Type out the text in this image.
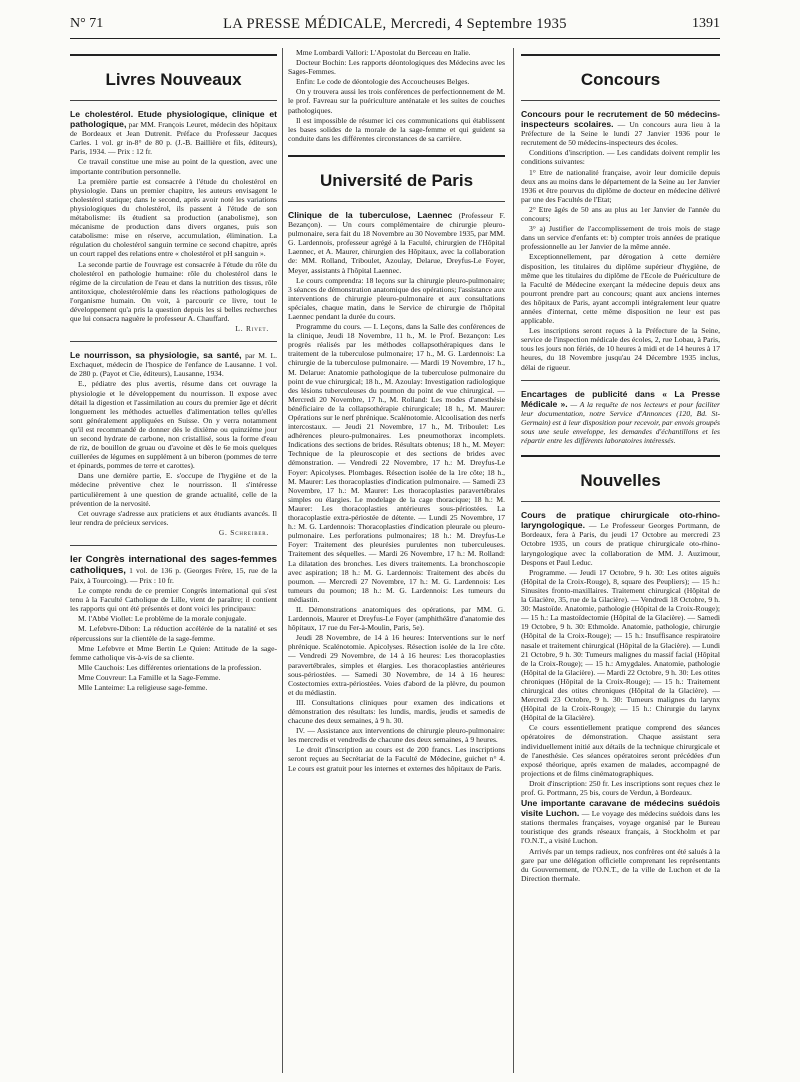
N° 71	LA PRESSE MÉDICALE, Mercredi, 4 Septembre 1935	1391
Livres Nouveaux

Le cholestérol. Etude physiologique, clinique et pathologique, par MM. François Leuret, médecin des hôpitaux de Bordeaux et Jean Dutrenit. Préface du Professeur Jacques Carles. 1 vol. gr in-8° de 80 p. (J.-B. Baillière et fils, éditeurs), Paris, 1934. — Prix : 12 fr.

Ce travail constitue une mise au point de la question, avec une importante contribution personnelle.

La première partie est consacrée à l'étude du cholestérol en physiologie. Dans un premier chapitre, les auteurs envisagent le cholestérol statique; dans le second, après avoir noté les variations physiologiques du cholestérol, ils passent à l'étude de son métabolisme: ils étudient sa production (anabolisme), son mécanisme de production dans divers organes, puis son catabolisme: mise en réserve, accumulation, élimination. La régulation du cholestérol sanguin termine ce second chapitre, après un court rappel des relations entre « cholestérol et pH sanguin ».

La seconde partie de l'ouvrage est consacrée à l'étude du rôle du cholestérol en pathologie humaine: rôle du cholestérol dans le régime de la circulation de l'eau et dans la nutrition des tissus, rôle antitoxique, cholestérolémie dans les réactions pathologiques de l'organisme humain. On voit, à parcourir ce livre, tout le développement qu'a pris la question depuis les si belles recherches que lui consacra naguère le professeur A. Chauffard.

L. Rivet.

Le nourrisson, sa physiologie, sa santé, par M. L. Exchaquet, médecin de l'hospice de l'enfance de Lausanne. 1 vol. de 280 p. (Payot et Cie, éditeurs), Lausanne, 1934.

E., pédiatre des plus avertis, résume dans cet ouvrage la physiologie et le développement du nourrisson. Il expose avec détail la digestion et l'assimilation au cours du premier âge et décrit longuement les méthodes actuelles d'alimentation telles qu'elles sont généralement appliquées en Suisse. On y verra notamment qu'il est recommandé de donner dès le dixième ou quinzième jour un second hydrate de carbone, non cristallisé, sous la forme d'eau de riz, de bouillon de gruau ou d'avoine et dès le 6e mois quelques cuillerées de légumes en supplément à un biberon (pommes de terre et épinards, pommes de terre et carottes).

Dans une dernière partie, E. s'occupe de l'hygiène et de la médecine préventive chez le nourrisson. Il s'intéresse particulièrement à une question de grande actualité, celle de la prévention de la nervosité.

Cet ouvrage s'adresse aux praticiens et aux étudiants avancés. Il leur rendra de précieux services.

G. Schreiber.

Ier Congrès international des sages-femmes catholiques, 1 vol. de 136 p. (Georges Frère, 15, rue de la Paix, à Tourcoing). — Prix : 10 fr.

Le compte rendu de ce premier Congrès international qui s'est tenu à la Faculté Catholique de Lille, vient de paraître; il contient les rapports qui ont été présentés et dont voici les principaux:

M. l'Abbé Viollet: Le problème de la morale conjugale.

M. Lefebvre-Dibon: La réduction accélérée de la natalité et ses répercussions sur la clientèle de la sage-femme.

Mme Lefebvre et Mme Bertin Le Quien: Attitude de la sage-femme catholique vis-à-vis de sa cliente.

Mlle Cauchois: Les différentes orientations de la profession.

Mme Couvreur: La Famille et la Sage-Femme.

Mlle Lanteime: La religieuse sage-femme.

Mme Lombardi Vallori: L'Apostolat du Berceau en Italie.

Docteur Bochin: Les rapports déontologiques des Médecins avec les Sages-Femmes.

Enfin: Le code de déontologie des Accoucheuses Belges.

On y trouvera aussi les trois conférences de perfectionnement de M. le prof. Favreau sur la puériculture anténatale et les suites de couches pathologiques.

Il est impossible de résumer ici ces communications qui établissent les bases solides de la morale de la sage-femme et qui guident sa conduite dans les différentes circonstances de sa carrière.

Université de Paris

Clinique de la tuberculose, Laennec (Professeur F. Bezançon). — Un cours complémentaire de chirurgie pleuro-pulmonaire, sera fait du 18 Novembre au 30 Novembre 1935, par MM. G. Lardennois, professeur agrégé à la Faculté, chirurgien de l'Hôpital Laennec, et A. Maurer, chirurgien des Hôpitaux, avec la collaboration de: MM. Rolland, Triboulet, Azoulay, Delarue, Dreyfus-Le Foyer, Meyer, assistants à l'hôpital Laennec.

Le cours comprendra: 18 leçons sur la chirurgie pleuro-pulmonaire; 3 séances de démonstration anatomique des opérations; l'assistance aux interventions de chirurgie pleuro-pulmonaire et aux consultations spéciales, chaque matin, dans le Service de chirurgie de l'hôpital Laennec pendant la durée du cours.

Programme du cours. — I. Leçons, dans la Salle des conférences de la clinique, Jeudi 18 Novembre, 11 h., M. le Prof. Bezançon: Les progrès réalisés par les méthodes collapsothérapiques dans le traitement de la tuberculose pulmonaire; 17 h., M. G. Lardennois: La chirurgie de la tuberculose pulmonaire. — Mardi 19 Novembre, 17 h., M. Delarue: Anatomie pathologique de la tuberculose pulmonaire du point de vue chirurgical; 18 h., M. Azoulay: Investigation radiologique des lésions tuberculeuses du poumon du point de vue chirurgical. — Mercredi 20 Novembre, 17 h., M. Rolland: Les modes d'anesthésie bénéficiaire de la collapsothérapie chirurgicale; 18 h., M. Maurer: Opérations sur le nerf phrénique. Scalénotomie. Alcoolisation des nerfs intercostaux. — Jeudi 21 Novembre, 17 h., M. Triboulet: Les adhérences pleuro-pulmonaires. Les pneumothorax incomplets. Indications des sections de brides. Résultats obtenus; 18 h., M. Meyer: Technique de la pleuroscopie et des sections de brides avec démonstration. — Vendredi 22 Novembre, 17 h.: M. Dreyfus-Le Foyer: Apicolyses. Plombages. Résection isolée de la 1re côte; 18 h., M. Maurer: Les thoracoplasties d'indication pulmonaire. — Samedi 23 Novembre, 17 h.: M. Maurer: Les thoracoplasties paravertébrales simples ou élargies. Le modelage de la cage thoracique; 18 h.: M. Maurer: Les thoracoplasties antérieures sous-périostées. La thoracoplastie extra-périostée de détente. — Lundi 25 Novembre, 17 h.: M. G. Lardennois: Thoracoplasties d'indication pleurale ou pleuro-pulmonaire. Les perforations pulmonaires; 18 h.: M. Dreyfus-Le Foyer: Traitement des pleurésies purulentes non tuberculeuses. Traitement des séquelles. — Mardi 26 Novembre, 17 h.: M. Rolland: La dilatation des bronches. Les divers traitements. La bronchoscopie avec aspiration; 18 h.: M. G. Lardennois: Traitement des abcès du poumon. — Mercredi 27 Novembre, 17 h.: M. G. Lardennois: Les tumeurs du poumon; 18 h.: M. G. Lardennois: Les tumeurs du médiastin.

II. Démonstrations anatomiques des opérations, par MM. G. Lardennois, Maurer et Dreyfus-Le Foyer (amphithéâtre d'anatomie des hôpitaux, 17 rue du Fer-à-Moulin, Paris, 5e).

Jeudi 28 Novembre, de 14 à 16 heures: Interventions sur le nerf phrénique. Scalénotomie. Apicolyses. Résection isolée de la 1re côte. — Vendredi 29 Novembre, de 14 à 16 heures: Les thoracoplasties paravertébrales, simples et élargies. Les thoracoplasties antérieures sous-périostées. — Samedi 30 Novembre, de 14 à 16 heures: Costectomies extra-périostées. Voies d'abord de la plèvre, du poumon et du médiastin.

III. Consultations cliniques pour examen des indications et démonstration des résultats: les lundis, mardis, jeudis et samedis de chacune des deux semaines, à 9 h. 30.

IV. — Assistance aux interventions de chirurgie pleuro-pulmonaire: les mercredis et vendredis de chacune des deux semaines, à 9 heures.

Le droit d'inscription au cours est de 200 francs. Les inscriptions seront reçues au Secrétariat de la Faculté de Médecine, guichet n° 4. Le cours est gratuit pour les internes et externes des hôpitaux de Paris.

Concours

Concours pour le recrutement de 50 médecins-inspecteurs scolaires. — Un concours aura lieu à la Préfecture de la Seine le lundi 27 Janvier 1936 pour le recrutement de 50 médecins-inspecteurs des écoles.

Conditions d'inscription. — Les candidats doivent remplir les conditions suivantes:

1° Etre de nationalité française, avoir leur domicile depuis deux ans au moins dans le département de la Seine au 1er Janvier 1936 et être pourvus du diplôme de docteur en médecine délivré par une des Facultés de l'Etat;

2° Etre âgés de 50 ans au plus au 1er Janvier de l'année du concours;

3° a) Justifier de l'accomplissement de trois mois de stage dans un service d'enfants et: b) compter trois années de pratique professionnelle au 1er Janvier de la même année.

Exceptionnellement, par dérogation à cette dernière disposition, les titulaires du diplôme supérieur d'hygiène, de même que les titulaires du diplôme de l'Ecole de Puériculture de la Faculté de Médecine exerçant la médecine depuis deux ans pourront prendre part au concours; quant aux anciens internes des hôpitaux de Paris, ayant accompli intégralement leur quatre années d'internat, cette même disposition ne leur est pas applicable.

Les inscriptions seront reçues à la Préfecture de la Seine, service de l'inspection médicale des écoles, 2, rue Lobau, à Paris, tous les jours non fériés, de 10 heures à midi et de 14 heures à 17 heures, du 18 Novembre jusqu'au 24 Décembre 1935 inclus, délai de rigueur.

Encartages de publicité dans « La Presse Médicale ». — A la requête de nos lecteurs et pour faciliter leur documentation, notre Service d'Annonces (120, Bd. St-Germain) est à leur disposition pour recevoir, par envois groupés sous une seule enveloppe, les demandes d'échantillons et les répartir entre les différents laboratoires intéressés.

Nouvelles

Cours de pratique chirurgicale oto-rhino-laryngologique. — Le Professeur Georges Portmann, de Bordeaux, fera à Paris, du jeudi 17 Octobre au mercredi 23 Octobre 1935, un cours de pratique chirurgicale oto-rhino-laryngologique avec la collaboration de MM. J. Auzimour, Despons et Paul Leduc.

Programme. — Jeudi 17 Octobre, 9 h. 30: Les otites aiguës (Hôpital de la Croix-Rouge), 8, square des Peupliers); — 15 h.: Sinusites fronto-maxillaires. Traitement chirurgical (Hôpital de la Glacière, 35, rue de la Glacière). — Vendredi 18 Octobre, 9 h. 30: Mastoïde. Anatomie, pathologie (Hôpital de la Croix-Rouge); — 15 h.: La mastoïdectomie (Hôpital de la Glacière). — Samedi 19 Octobre, 9 h. 30: Ethmoïde. Anatomie, pathologie, chirurgie (Hôpital de la Croix-Rouge); — 15 h.: Insuffisance respiratoire nasale et traitement chirurgical (Hôpital de la Glacière). — Lundi 21 Octobre, 9 h. 30: Tumeurs malignes du massif facial (Hôpital de la Croix-Rouge); — 15 h.: Amygdales. Anatomie, pathologie (Hôpital de la Glacière). — Mardi 22 Octobre, 9 h. 30: Les otites chroniques (Hôpital de la Croix-Rouge); — 15 h.: Traitement chirurgical des otites chroniques (Hôpital de la Glacière). — Mercredi 23 Octobre, 9 h. 30: Tumeurs malignes du larynx (Hôpital de la Croix-Rouge); — 15 h.: Chirurgie du larynx (Hôpital de la Glacière).

Ce cours essentiellement pratique comprend des séances opératoires de démonstration. Chaque assistant sera individuellement initié aux détails de la technique chirurgicale et de l'anesthésie. Ces séances opératoires seront précédées d'un exposé théorique, après examen de malades, accompagné de projections et de films cinématographiques.

Droit d'inscription: 250 fr. Les inscriptions sont reçues chez le prof. G. Portmann, 25 bis, cours de Verdun, à Bordeaux.

Une importante caravane de médecins suédois visite Luchon. — Le voyage des médecins suédois dans les stations thermales françaises, voyage organisé par le Bureau touristique des grands réseaux français, à Stockholm et par l'O.N.T., a visité Luchon.

Arrivés par un temps radieux, nos confrères ont été salués à la gare par une délégation officielle comprenant les représentants du Gouvernement, de l'O.N.T., de la ville de Luchon et de la Direction thermale.
